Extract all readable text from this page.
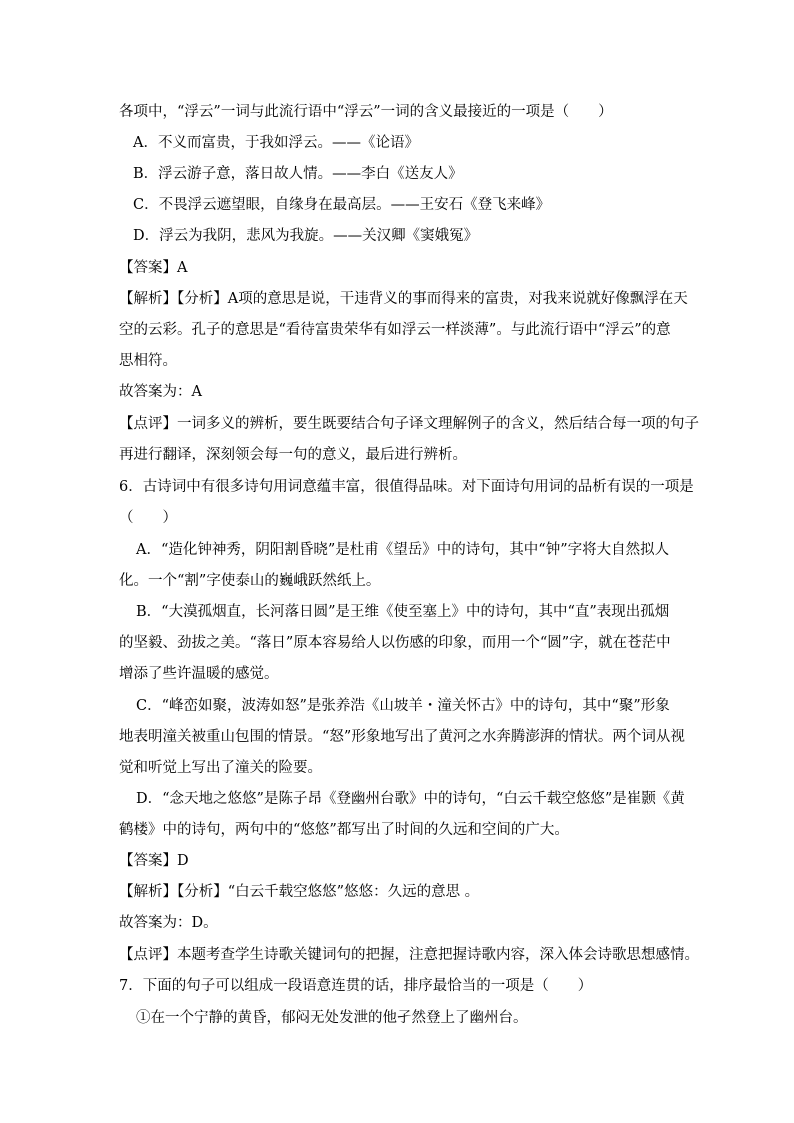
各项中，“浮云”一词与此流行语中“浮云”一词的含义最接近的一项是（　　）
A．不义而富贵，于我如浮云。——《论语》
B．浮云游子意，落日故人情。——李白《送友人》
C．不畏浮云遮望眼，自缘身在最高层。——王安石《登飞来峰》
D．浮云为我阴，悲风为我旋。——关汉卿《窦娥冤》
【答案】A
【解析】【分析】A项的意思是说，干违背义的事而得来的富贵，对我来说就好像飘浮在天
空的云彩。孔子的意思是“看待富贵荣华有如浮云一样淡薄”。与此流行语中“浮云”的意
思相符。
故答案为：A
【点评】一词多义的辨析，要生既要结合句子译文理解例子的含义，然后结合每一项的句子
再进行翻译，深刻领会每一句的意义，最后进行辨析。
6．古诗词中有很多诗句用词意蕴丰富，很值得品味。对下面诗句用词的品析有误的一项是
（　　）
A．“造化钟神秀，阴阳割昏晓”是杜甫《望岳》中的诗句，其中“钟”字将大自然拟人
化。一个“割”字使泰山的巍峨跃然纸上。
B．“大漠孤烟直，长河落日圆”是王维《使至塞上》中的诗句，其中“直”表现出孤烟
的坚毅、劲拔之美。“落日”原本容易给人以伤感的印象，而用一个“圆”字，就在苍茫中
增添了些许温暖的感觉。
C．“峰峦如聚，波涛如怒”是张养浩《山坡羊・潼关怀古》中的诗句，其中“聚”形象
地表明潼关被重山包围的情景。“怒”形象地写出了黄河之水奔腾澎湃的情状。两个词从视
觉和听觉上写出了潼关的险要。
D．“念天地之悠悠”是陈子昂《登幽州台歌》中的诗句，“白云千载空悠悠”是崔颢《黄
鹤楼》中的诗句，两句中的“悠悠”都写出了时间的久远和空间的广大。
【答案】D
【解析】【分析】“白云千载空悠悠”悠悠：久远的意思 。
故答案为：D。
【点评】本题考查学生诗歌关键词句的把握，注意把握诗歌内容，深入体会诗歌思想感情。
7．下面的句子可以组成一段语意连贯的话，排序最恰当的一项是（　　）
①在一个宁静的黄昏，郁闷无处发泄的他孑然登上了幽州台。
